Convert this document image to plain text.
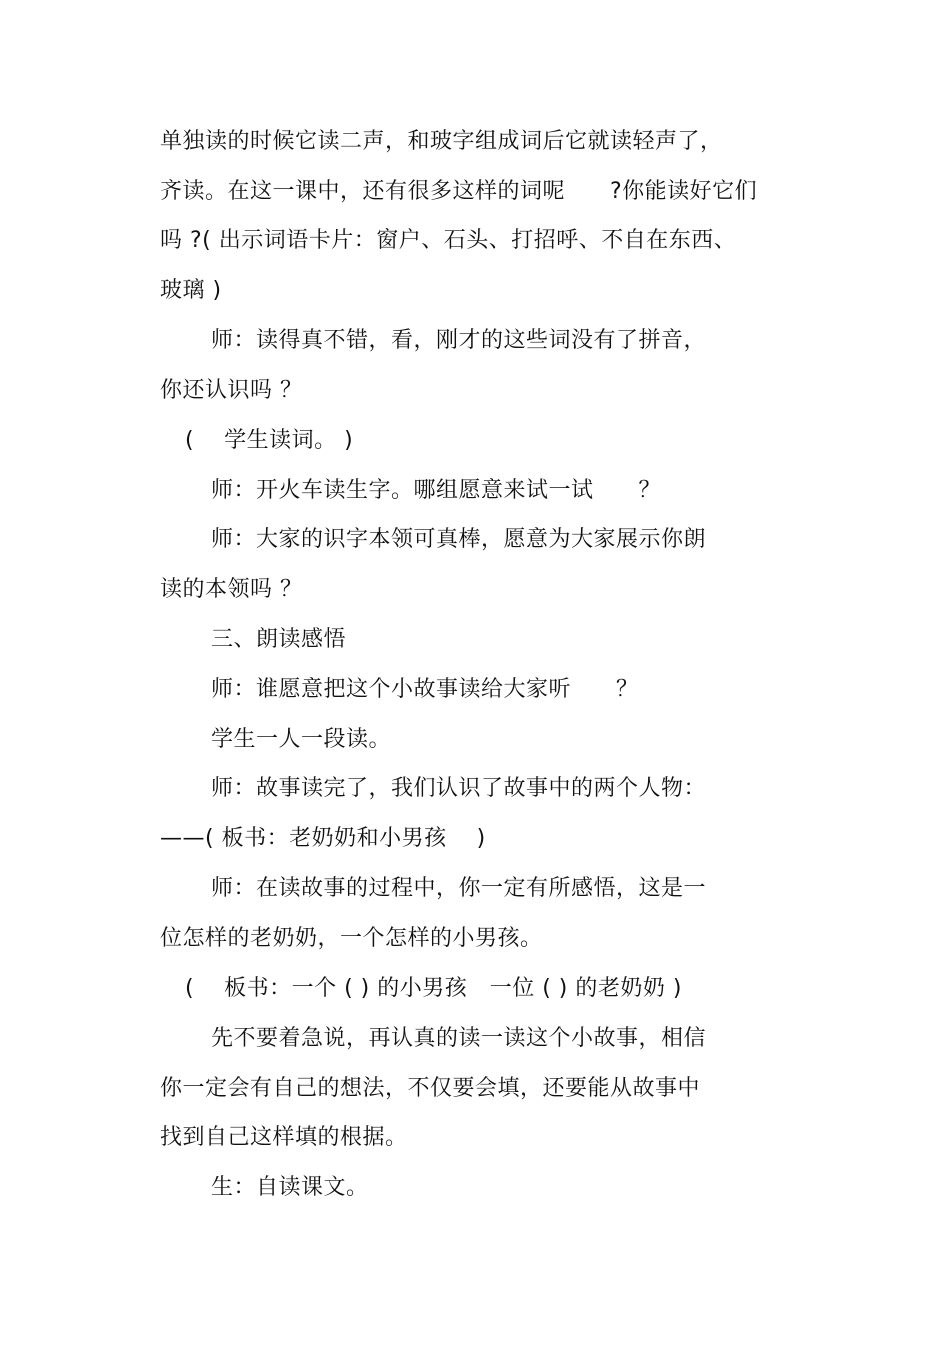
单独读的时候它读二声，和玻字组成词后它就读轻声了，
齐读。在这一课中，还有很多这样的词呢　　?你能读好它们
吗 ?( 出示词语卡片：窗户、石头、打招呼、不自在东西、
玻璃 )
师：读得真不错，看，刚才的这些词没有了拼音，
你还认识吗 ？
(　 学生读词。 )
师：开火车读生字。哪组愿意来试一试　　？
师：大家的识字本领可真棒，愿意为大家展示你朗
读的本领吗 ？
三、朗读感悟
师：谁愿意把这个小故事读给大家听　　？
学生一人一段读。
师：故事读完了，我们认识了故事中的两个人物：
——( 板书：老奶奶和小男孩　 )
师：在读故事的过程中，你一定有所感悟，这是一
位怎样的老奶奶，一个怎样的小男孩。
(　 板书：一个 ( ) 的小男孩　一位 ( ) 的老奶奶 )
先不要着急说，再认真的读一读这个小故事，相信
你一定会有自己的想法，不仅要会填，还要能从故事中
找到自己这样填的根据。
生：自读课文。
